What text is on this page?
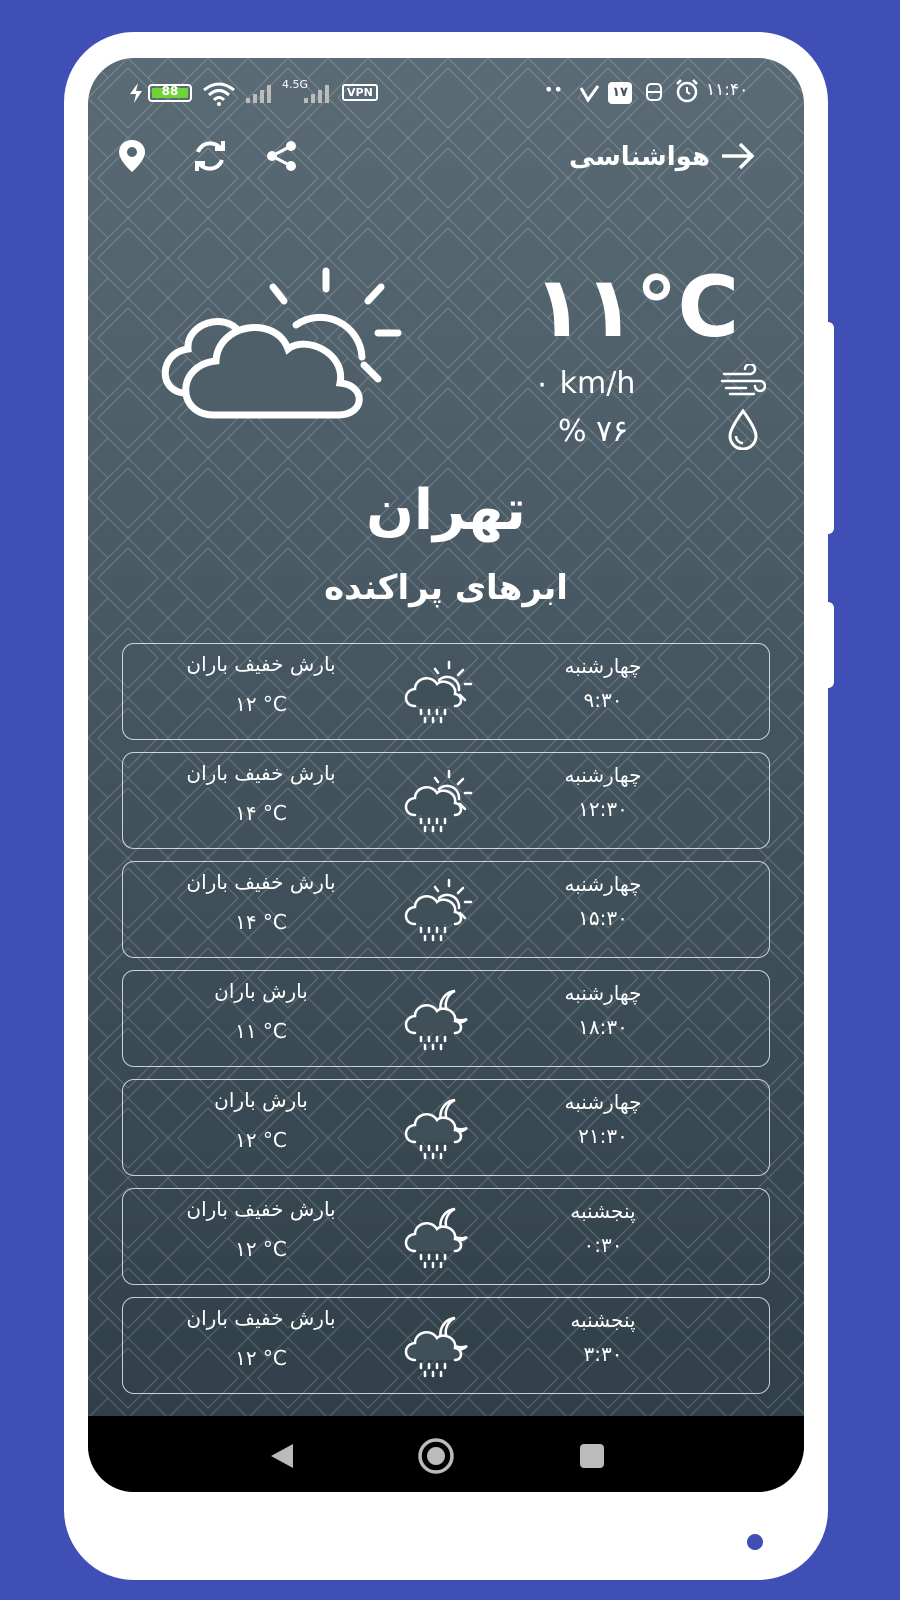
88	4.5G
VPN	••	۱۷	۱۱:۴۰
هواشناسی
۱۱°C
۰ km/h
% ۷۶
تهران
ابرهای پراکنده
چهارشنبه
۹:۳۰
بارش خفیف باران
۱۲ °C
چهارشنبه
۱۲:۳۰
بارش خفیف باران
۱۴ °C
چهارشنبه
۱۵:۳۰
بارش خفیف باران
۱۴ °C
چهارشنبه
۱۸:۳۰
بارش باران
۱۱ °C
چهارشنبه
۲۱:۳۰
بارش باران
۱۲ °C
پنجشنبه
۰:۳۰
بارش خفیف باران
۱۲ °C
پنجشنبه
۳:۳۰
بارش خفیف باران
۱۲ °C
